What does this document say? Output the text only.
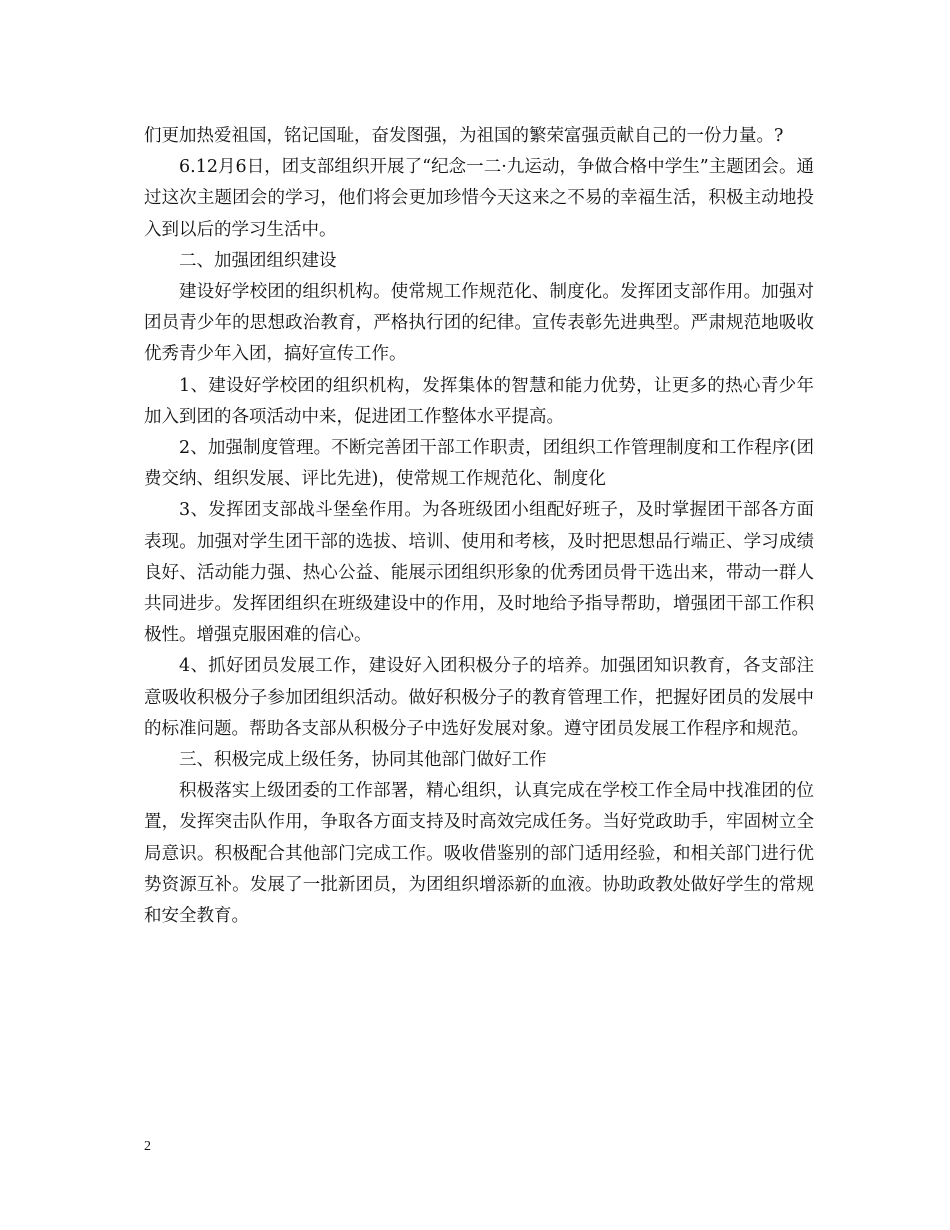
们更加热爱祖国，铭记国耻，奋发图强，为祖国的繁荣富强贡献自己的一份力量。?

6.12月6日，团支部组织开展了“纪念一二·九运动，争做合格中学生”主题团会。通过这次主题团会的学习，他们将会更加珍惜今天这来之不易的幸福生活，积极主动地投入到以后的学习生活中。

二、加强团组织建设

建设好学校团的组织机构。使常规工作规范化、制度化。发挥团支部作用。加强对团员青少年的思想政治教育，严格执行团的纪律。宣传表彰先进典型。严肃规范地吸收优秀青少年入团，搞好宣传工作。

1、建设好学校团的组织机构，发挥集体的智慧和能力优势，让更多的热心青少年加入到团的各项活动中来，促进团工作整体水平提高。

2、加强制度管理。不断完善团干部工作职责，团组织工作管理制度和工作程序(团费交纳、组织发展、评比先进)，使常规工作规范化、制度化

3、发挥团支部战斗堡垒作用。为各班级团小组配好班子，及时掌握团干部各方面表现。加强对学生团干部的选拔、培训、使用和考核，及时把思想品行端正、学习成绩良好、活动能力强、热心公益、能展示团组织形象的优秀团员骨干选出来，带动一群人共同进步。发挥团组织在班级建设中的作用，及时地给予指导帮助，增强团干部工作积极性。增强克服困难的信心。

4、抓好团员发展工作，建设好入团积极分子的培养。加强团知识教育，各支部注意吸收积极分子参加团组织活动。做好积极分子的教育管理工作，把握好团员的发展中的标准问题。帮助各支部从积极分子中选好发展对象。遵守团员发展工作程序和规范。

三、积极完成上级任务，协同其他部门做好工作

积极落实上级团委的工作部署，精心组织，认真完成在学校工作全局中找准团的位置，发挥突击队作用，争取各方面支持及时高效完成任务。当好党政助手，牢固树立全局意识。积极配合其他部门完成工作。吸收借鉴别的部门适用经验，和相关部门进行优势资源互补。发展了一批新团员，为团组织增添新的血液。协助政教处做好学生的常规和安全教育。

2
